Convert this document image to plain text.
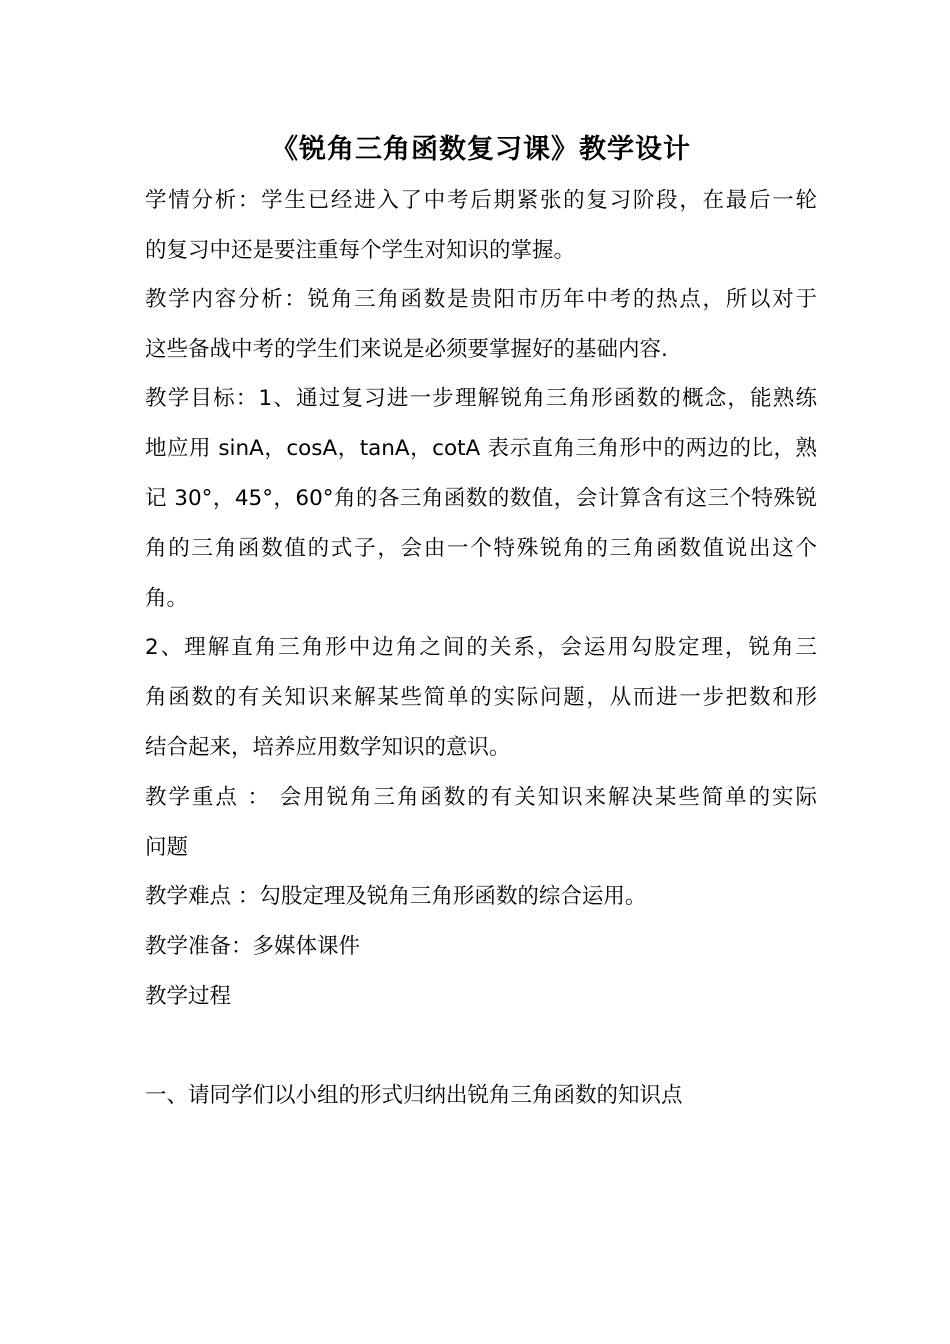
《锐角三角函数复习课》教学设计
学情分析：学生已经进入了中考后期紧张的复习阶段，在最后一轮
的复习中还是要注重每个学生对知识的掌握。
教学内容分析：锐角三角函数是贵阳市历年中考的热点，所以对于
这些备战中考的学生们来说是必须要掌握好的基础内容.
教学目标：1、通过复习进一步理解锐角三角形函数的概念，能熟练
地应用 sinA，cosA，tanA，cotA 表示直角三角形中的两边的比，熟
记 30°，45°，60°角的各三角函数的数值，会计算含有这三个特殊锐
角的三角函数值的式子，会由一个特殊锐角的三角函数值说出这个
角。
2、理解直角三角形中边角之间的关系，会运用勾股定理，锐角三
角函数的有关知识来解某些简单的实际问题，从而进一步把数和形
结合起来，培养应用数学知识的意识。
教学重点 ： 会用锐角三角函数的有关知识来解决某些简单的实际
问题
教学难点 ：勾股定理及锐角三角形函数的综合运用。
教学准备：多媒体课件
教学过程
一、请同学们以小组的形式归纳出锐角三角函数的知识点
